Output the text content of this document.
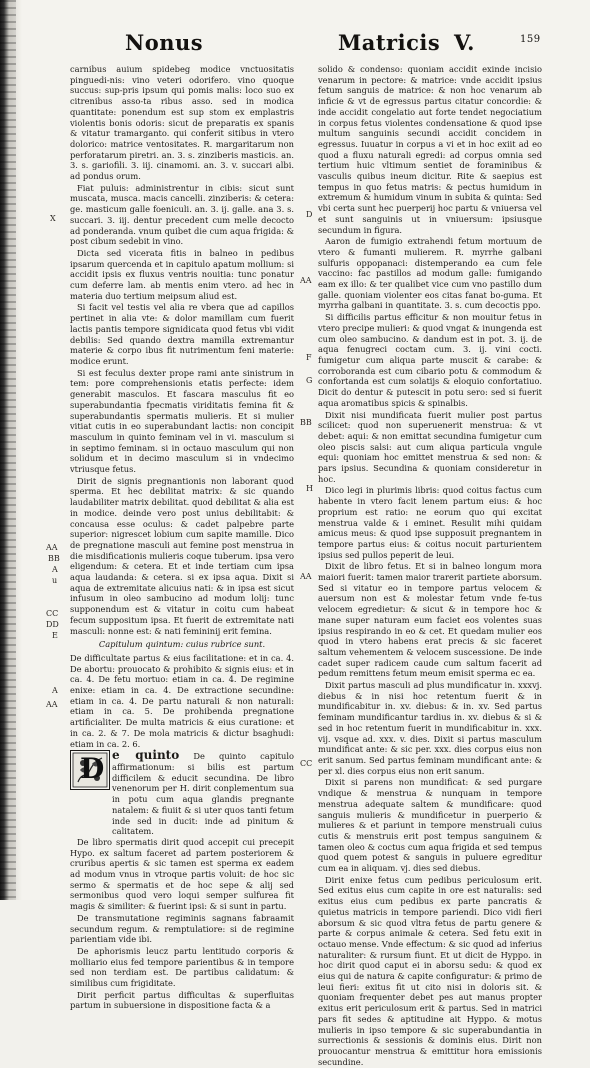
Nonus	Matricis V.	159
X
AA
BB
A
u
CC
DD
E
A
AA
D
AA
F
G
BB
H
AA
CC

carnibus auium spidebeg modice vnctuositatis pinguedi-nis: vino veteri odorifero. vino quoque succus: sup-pris ipsum qui pomis malis: loco suo ex citrenibus asso-ta ribus asso. sed in modica quantitate: ponendum est sup stom ex emplastris violentis bonis odoris: sicut de preparatis ex spanis & vitatur tramarganto. qui conferit sitibus in vtero dolorico: matrice ventositates. R. margaritarum non perforatarum piretri. an. 3. s. zinziberis masticis. an. 3. s. gariofili. 3. iij. cinamomi. an. 3. v. succari albi. ad pondus orum.

Fiat puluis: administrentur in cibis: sicut sunt muscata, musca. macis cancelli. zinziberis: & cetera: ge. masticum galle foeniculi. an. 3. ij. galle. ana 3. s. succari. 3. iij. dentur precedent cum melle decocto ad ponderanda. vnum quibet die cum aqua frigida: & post cibum sedebit in vino.

Dicta sed vicerata fitis in balneo in pedibus ipsarum quercenda et in capitulo apatum mollium: si accidit ipsis ex fluxus ventris nouitia: tunc ponatur cum deferre lam. ab mentis enim vtero. ad hec in materia duo tertium meipsum aliud est.

Si facit vel testis vel alia re vbera que ad capillos pertinet in alia vte: & dolor mamillam cum fuerit lactis pantis tempore signidicata quod fetus vbi vidit debilis: Sed quando dextra mamilla extremantur materie & corpo ibus fit nutrimentum feni materie: modice erunt.

Si est feculus dexter prope rami ante sinistrum in tem: pore comprehensionis etatis perfecte: idem generabit masculos. Et fascara masculus fit eo superabundantia fpecmatis viriditatis femina fit & superabundantis spermatis mulieris. Et si mulier vitiat cutis in eo superabundant lactis: non concipit masculum in quinto feminam vel in vi. masculum si in septimo feminam. si in octauo masculum qui non solidum et in decimo masculum si in vndecimo vtriusque fetus.

Dirit de signis pregnantionis non laborant quod sperma. Et hec debilitat matrix: & sic quando laudabiliter matrix debilitat. quod debilitat & alia est in modice. deinde vero post unius debilitabit: & concausa esse oculus: & cadet palpebre parte superior: nigrescet lobium cum sapite mamille. Dico de pregnatione masculi aut femine post menstrua in die misdificationis mulieris coque tuberum. ipsa vero eligendum: & cetera. Et et inde tertiam cum ipsa aqua laudanda: & cetera. si ex ipsa aqua. Dixit si aqua de extremitate alicuius nati: & in ipsa est sicut infusum in oleo sambucino ad modum lolij: tunc supponendum est & vitatur in coitu cum habeat fecum suppositum ipsa. Et fuerit de extremitate nati masculi: nonne est: & nati femininij erit femina.

Capitulum quintum: cuius rubrice sunt.

De difficultate partus & eius facilitatione: et in ca. 4. De abortu: prouocato & prohibito & signis eius: et in ca. 4. De fetu mortuo: etiam in ca. 4. De regimine enixe: etiam in ca. 4. De extractione secundine: etiam in ca. 4. De partu naturali & non naturali: etiam in ca. 5. De prohibenda pregnatione artificialiter. De multa matricis & eius curatione: et in ca. 2. & 7. De mola matricis & dictur bsaghudi: etiam in ca. 2. 6.

D e quinto De quinto capitulo affirmationum: si bilis est partum difficilem & educit secundina. De libro venenorum per H. dirit conplementum sua in potu cum aqua glandis pregnante natalem: & fiuiit & si uter quos tanti fetum inde sed in ducit: inde ad pinitum & calitatem.

De libro spermatis dirit quod accepit cui precepit Hypo. ex saltum faceret ad partem posteriorem & cruribus apertis & sic tamen est sperma ex eadem ad modum vnus in vtroque partis voluit: de hoc sic sermo & spermatis et de hoc sepe & alij sed sermonibus quod vero loqui semper sulfurea fit magis & similiter: & fuerint ipsi: & si sunt in partu.

De transmutatione regiminis sagnans fabraamit secundum regum. & remptulatiore: si de regimine parientiam vide ibi.

De aphorismis leucz partu lentitudo corporis & molliario eius fed tempore parientibus & in tempore sed non terdiam est. De partibus calidatum: & similibus cum frigiditate.

Dirit perficit partus difficultas & superfluitas partum in subuersione in dispositione facta & a

solido & condenso: quoniam accidit exinde incisio venarum in pectore: & matrice: vnde accidit ipsius fetum sanguis de matrice: & non hoc venarum ab inficie & vt de egressus partus citatur concordie: & inde accidit congelatio aut forte tendet negociatium in corpus fetus violentes condensatione & quod ipse multum sanguinis secundi accidit concidem in egressus. Iuuatur in corpus a vi et in hoc exiit ad eo quod a fluxu naturali egredi: ad corpus omnia sed tertium huic vltimum sentiet de foraminibus & vasculis quibus ineum dicitur. Rite & saepius est tempus in quo fetus matris: & pectus humidum in extremum & humidum vinum in subita & quinta: Sed vbi certa sunt hec puerperij hoc partu & vniuersa vel et sunt sanguinis ut in vniuersum: ipsiusque secundum in figura.

Aaron de fumigio extrahendi fetum mortuum de vtero & fumanti mulierem. R. myrrhe galbani sulfuris oppopanaci: distemperando ea cum fele vaccino: fac pastillos ad modum galle: fumigando eam ex illo: & ter qualibet vice cum vno pastillo dum galle. quoniam violenter eos citas fanat bo-guma. Et myrrha galbani in quantitate. 3. s. cum decoctis ppo.

Si difficilis partus efficitur & non mouitur fetus in vtero precipe mulieri: & quod vngat & inungenda est cum oleo sambucino. & dandum est in pot. 3. ij. de aqua fenugreci coctam cum. 3. ij. vini cocti. fumigetur cum aliqua parte muscit & carabe: & corroboranda est cum cibario potu & commodum & confortanda est cum solatijs & eloquio confortatiuo. Dicit do dentur & putescit in potu sero: sed si fuerit aqua aromatibus spicis & spinalbis.

Dixit nisi mundificata fuerit mulier post partus scilicet: quod non superuenerit menstrua: & vt debet: aqui: & non emittat secundina fumigetur cum oleo piscis salsi: aut cum aliqua particula vngule equi: quoniam hoc emittet menstrua & sed non: & pars ipsius. Secundina & quoniam consideretur in hoc.

Dico legi in plurimis libris: quod coitus factus cum habente in vtero facit lenem partum eius: & hoc proprium est ratio: ne eorum quo qui excitat menstrua valde & i eminet. Resulit mihi quidam amicus meus: & quod ipse supposuit pregnantem in tempore partus eius: & coitus nocuit parturientem ipsius sed pullos peperit de leui.

Dixit de libro fetus. Et si in balneo longum mora maiori fuerit: tamen maior trarerit partiete aborsum. Sed si vitatur eo in tempore partus velocem & auersum non est & molestar fetum vnde fe-tus velocem egredietur: & sicut & in tempore hoc & mane super naturam eum faciet eos volentes suas ipsius respirando in eo & cet. Et quedam mulier eos quod in vtero habens erat precis & sic faceret saltum vehementem & velocem suscessione. De inde cadet super radicem caude cum saltum facerit ad pedum remittens fetum meum emisit sperma ec ea.

Dixit partus masculi ad plus mundificatur in. xxxvj. diebus & in nisi hoc retentum fuerit & in mundificabitur in. xv. diebus: & in. xv. Sed partus feminam mundificantur tardius in. xv. diebus & si & sed in hoc retentum fuerit in mundificabitur in. xxx. vij. vsque ad. xxx. v. dies. Dixit si partus masculum mundificat ante: & sic per. xxx. dies corpus eius non erit sanum. Sed partus feminam mundificant ante: & per xl. dies corpus eius non erit sanum.

Dixit si parens non mundificat: & sed purgare vndique & menstrua & nunquam in tempore menstrua adequate saltem & mundificare: quod sanguis mulieris & mundificetur in puerperio & mulieres & et pariunt in tempore menstruali cuius cutis & menstruis erit post tempus sanguinem & tamen oleo & coctus cum aqua frigida et sed tempus quod quem potest & sanguis in puluere egreditur cum ea in aliquam. vj. dies sed diebus.

Dirit enixe fetus cum pedibus periculosum erit. Sed exitus eius cum capite in ore est naturalis: sed exitus eius cum pedibus ex parte pancratis & quietus matricis in tempore pariendi. Dico vidi fieri aborsum & sic quod vltra fetus de partu genere & parte & corpus animale & cetera. Sed fetu exit in octauo mense. Vnde effectum: & sic quod ad inferius naturaliter: & rursum fiunt. Et ut dicit de Hyppo. in hoc dirit quod caput ei in aborsu sedu: & quod ex eius qui de natura & capite configuratur: & primo de leui fieri: exitus fit ut cito nisi in doloris sit. & quoniam frequenter debet pes aut manus propter exitus erit periculosum erit & partus. Sed in matrici pars fit sedes & aptitudine ait Hyppo. & motus mulieris in ipso tempore & sic superabundantia in surrectionis & sessionis & dominis eius. Dirit non prouocantur menstrua & emittitur hora emissionis secundine.
